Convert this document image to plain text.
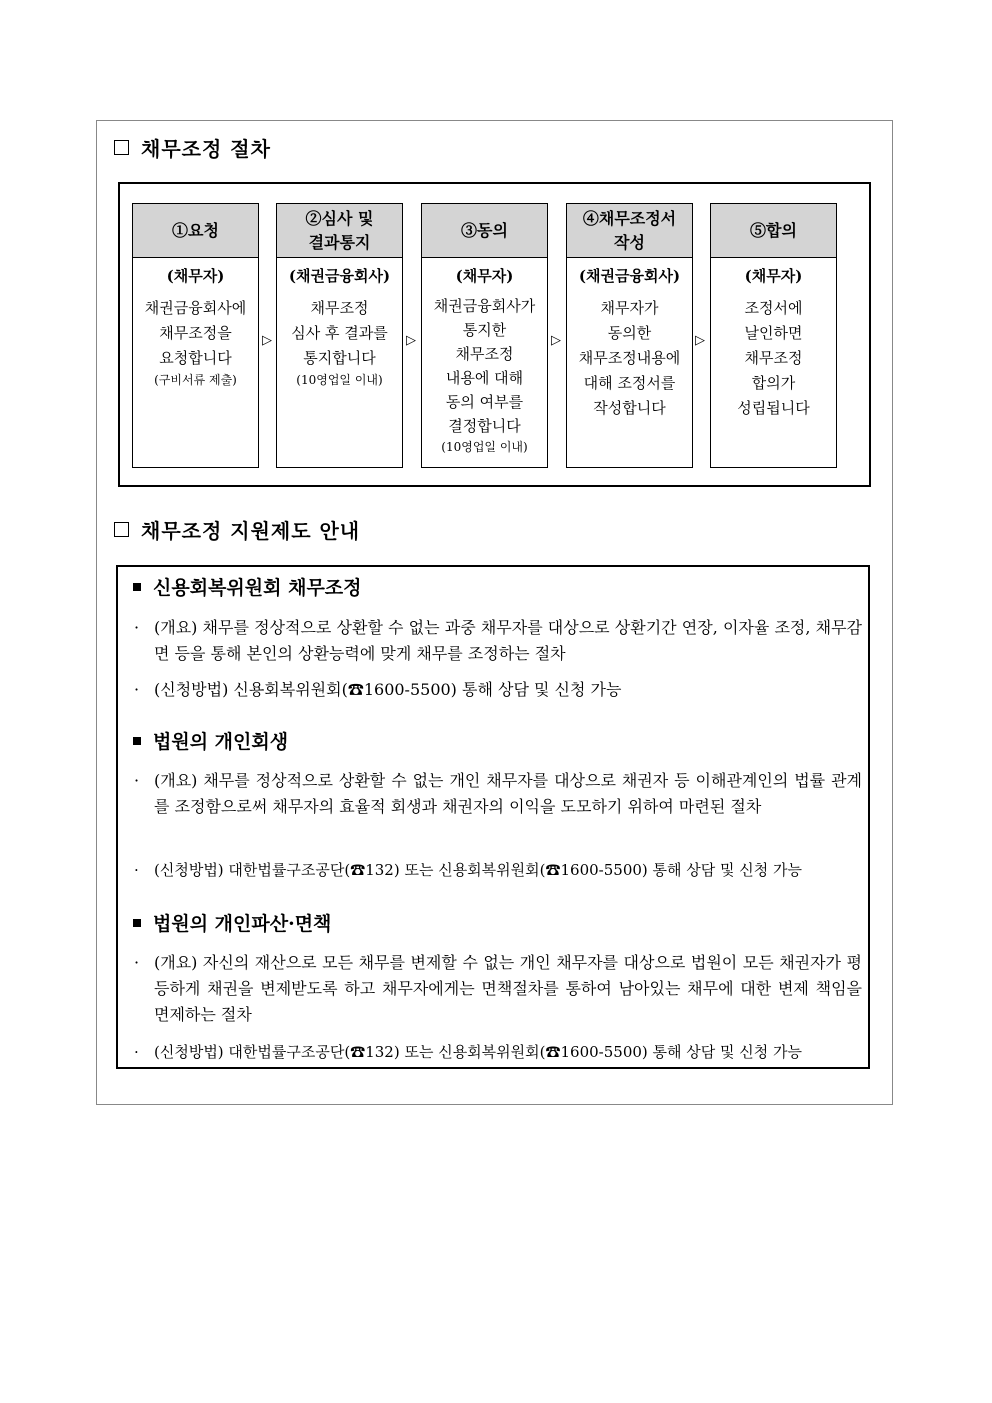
채무조정 절차
①요청
(채무자)
채권금융회사에
채무조정을
요청합니다
(구비서류 제출)
▷
②심사 및
결과통지
(채권금융회사)
채무조정
심사 후 결과를
통지합니다
(10영업일 이내)
▷
③동의
(채무자)
채권금융회사가
통지한
채무조정
내용에 대해
동의 여부를
결정합니다
(10영업일 이내)
▷
④채무조정서
작성
(채권금융회사)
채무자가
동의한
채무조정내용에
대해 조정서를
작성합니다
▷
⑤합의
(채무자)
조정서에
날인하면
채무조정
합의가
성립됩니다
채무조정 지원제도 안내
신용회복위원회 채무조정
· (개요) 채무를 정상적으로 상환할 수 없는 과중 채무자를 대상으로 상환기간 연장, 이자율 조정, 채무감면 등을 통해 본인의 상환능력에 맞게 채무를 조정하는 절차
· (신청방법) 신용회복위원회(☎1600-5500) 통해 상담 및 신청 가능
법원의 개인회생
· (개요) 채무를 정상적으로 상환할 수 없는 개인 채무자를 대상으로 채권자 등 이해관계인의 법률 관계를 조정함으로써 채무자의 효율적 회생과 채권자의 이익을 도모하기 위하여 마련된 절차
·	(신청방법) 대한법률구조공단(☎132) 또는 신용회복위원회(☎1600-5500) 통해 상담 및 신청 가능
법원의 개인파산·면책
· (개요) 자신의 재산으로 모든 채무를 변제할 수 없는 개인 채무자를 대상으로 법원이 모든 채권자가 평등하게 채권을 변제받도록 하고 채무자에게는 면책절차를 통하여 남아있는 채무에 대한 변제 책임을 면제하는 절차
·	(신청방법) 대한법률구조공단(☎132) 또는 신용회복위원회(☎1600-5500) 통해 상담 및 신청 가능
